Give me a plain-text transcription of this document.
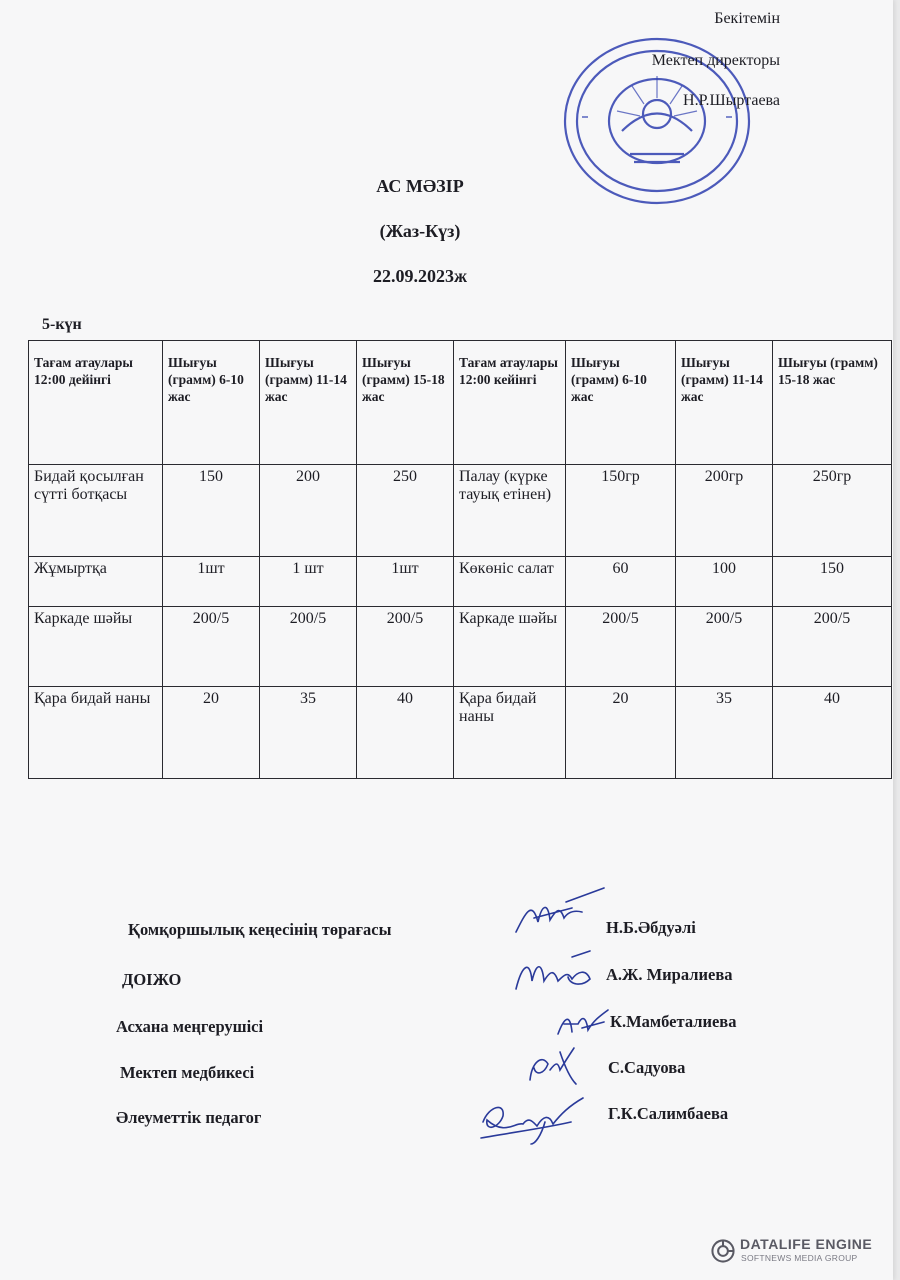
Бекітемін
Мектеп директоры
Н.Р.Шыртаева
АС МӘЗІР
(Жаз-Күз)
22.09.2023ж
5-күн
Тағам атаулары 12:00 дейінгі	Шығуы (грамм) 6-10 жас	Шығуы (грамм) 11-14 жас	Шығуы (грамм) 15-18 жас	Тағам атаулары 12:00 кейінгі	Шығуы (грамм) 6-10 жас	Шығуы (грамм) 11-14 жас	Шығуы (грамм) 15-18 жас
Бидай қосылған сүтті ботқасы	150	200	250	Палау (күрке тауық етінен)	150гр	200гр	250гр
Жұмыртқа	1шт	1 шт	1шт	Көкөніс салат	60	100	150
Каркаде шәйы	200/5	200/5	200/5	Каркаде шәйы	200/5	200/5	200/5
Қара бидай наны	20	35	40	Қара бидай наны	20	35	40
Қомқоршылық кеңесінің төрағасы	Н.Б.Әбдуәлі
ДОІЖО	А.Ж. Миралиева
Асхана меңгерушісі	К.Мамбеталиева
Мектеп медбикесі	С.Садуова
Әлеуметтік педагог	Г.К.Салимбаева
DATALIFE ENGINE
SOFTNEWS MEDIA GROUP
